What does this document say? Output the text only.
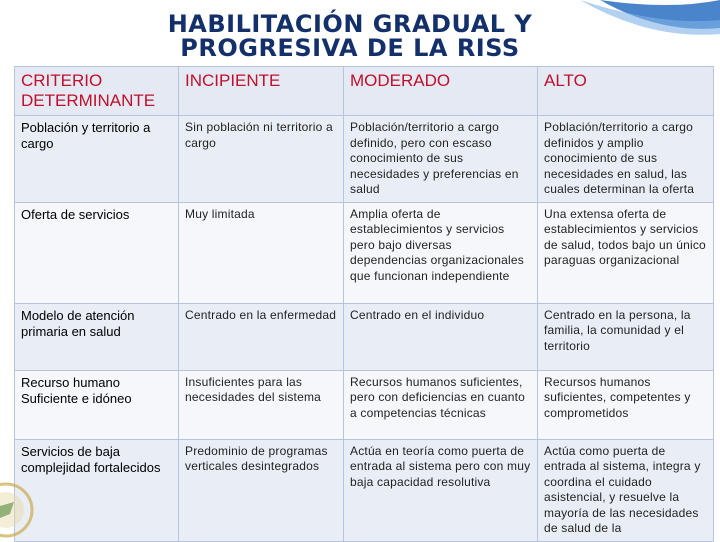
HABILITACIÓN GRADUAL Y
PROGRESIVA DE LA RISS
CRITERIO DETERMINANTE	INCIPIENTE	MODERADO	ALTO
Población y territorio a cargo	Sin población ni territorio a cargo	Población/territorio a cargo definido, pero con escaso conocimiento de sus necesidades y preferencias en salud	Población/territorio a cargo definidos y amplio conocimiento de sus necesidades en salud, las cuales determinan la oferta
Oferta de servicios	Muy limitada	Amplia oferta de establecimientos y servicios pero bajo diversas dependencias organizacionales que funcionan independiente	Una extensa oferta de establecimientos y servicios de salud, todos bajo un único paraguas organizacional
Modelo de atención primaria en salud	Centrado en la enfermedad	Centrado en el individuo	Centrado en la persona, la familia, la comunidad y el territorio
Recurso humano Suficiente e idóneo	Insuficientes para las necesidades del sistema	Recursos humanos suficientes, pero con deficiencias en cuanto a competencias técnicas	Recursos humanos suficientes, competentes y comprometidos
Servicios de baja complejidad fortalecidos	Predominio de programas verticales desintegrados	Actúa en teoría como puerta de entrada al sistema pero con muy baja capacidad resolutiva	Actúa como puerta de entrada al sistema, integra y coordina el cuidado asistencial, y resuelve la mayoría de las necesidades de salud de la
